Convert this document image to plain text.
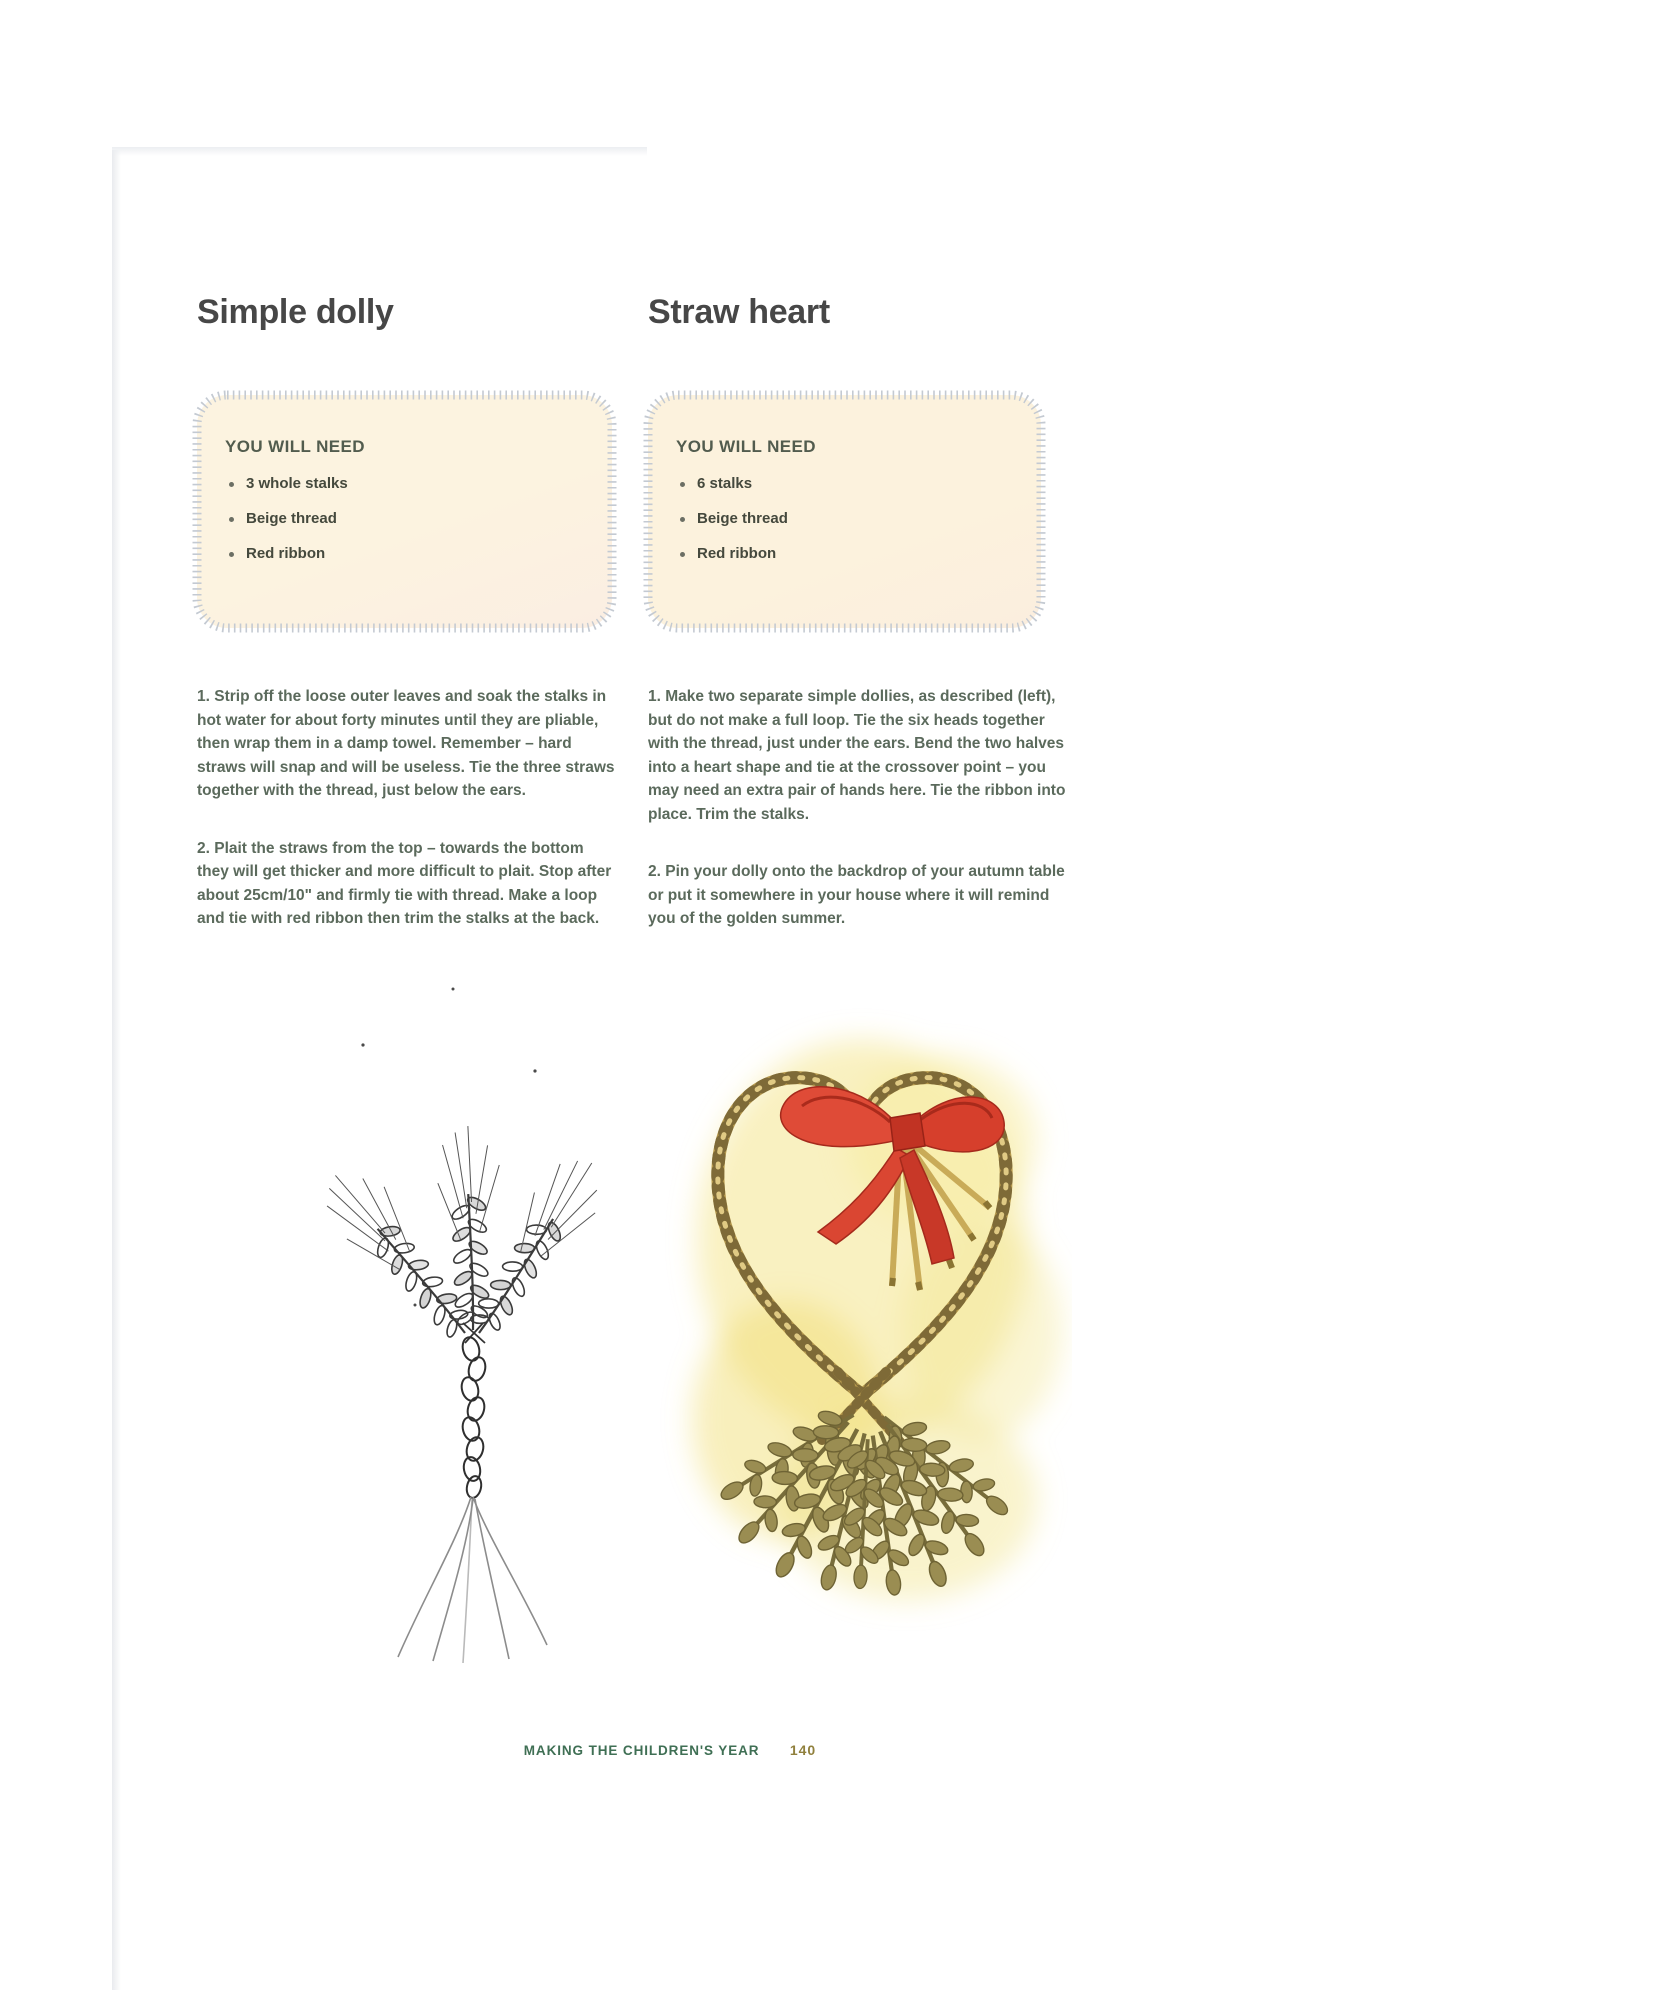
Simple dolly
YOU WILL NEED
3 whole stalks
Beige thread
Red ribbon

1. Strip off the loose outer leaves and soak the stalks in hot water for about forty minutes until they are pliable, then wrap them in a damp towel. Remember – hard straws will snap and will be useless. Tie the three straws together with the thread, just below the ears.

2. Plait the straws from the top – towards the bottom they will get thicker and more difficult to plait. Stop after about 25cm/10" and firmly tie with thread. Make a loop and tie with red ribbon then trim the stalks at the back.

Straw heart
YOU WILL NEED
6 stalks
Beige thread
Red ribbon

1. Make two separate simple dollies, as described (left), but do not make a full loop. Tie the six heads together with the thread, just under the ears. Bend the two halves into a heart shape and tie at the crossover point – you may need an extra pair of hands here. Tie the ribbon into place. Trim the stalks.

2. Pin your dolly onto the backdrop of your autumn table or put it somewhere in your house where it will remind you of the golden summer.

MAKING THE CHILDREN'S YEAR 140
